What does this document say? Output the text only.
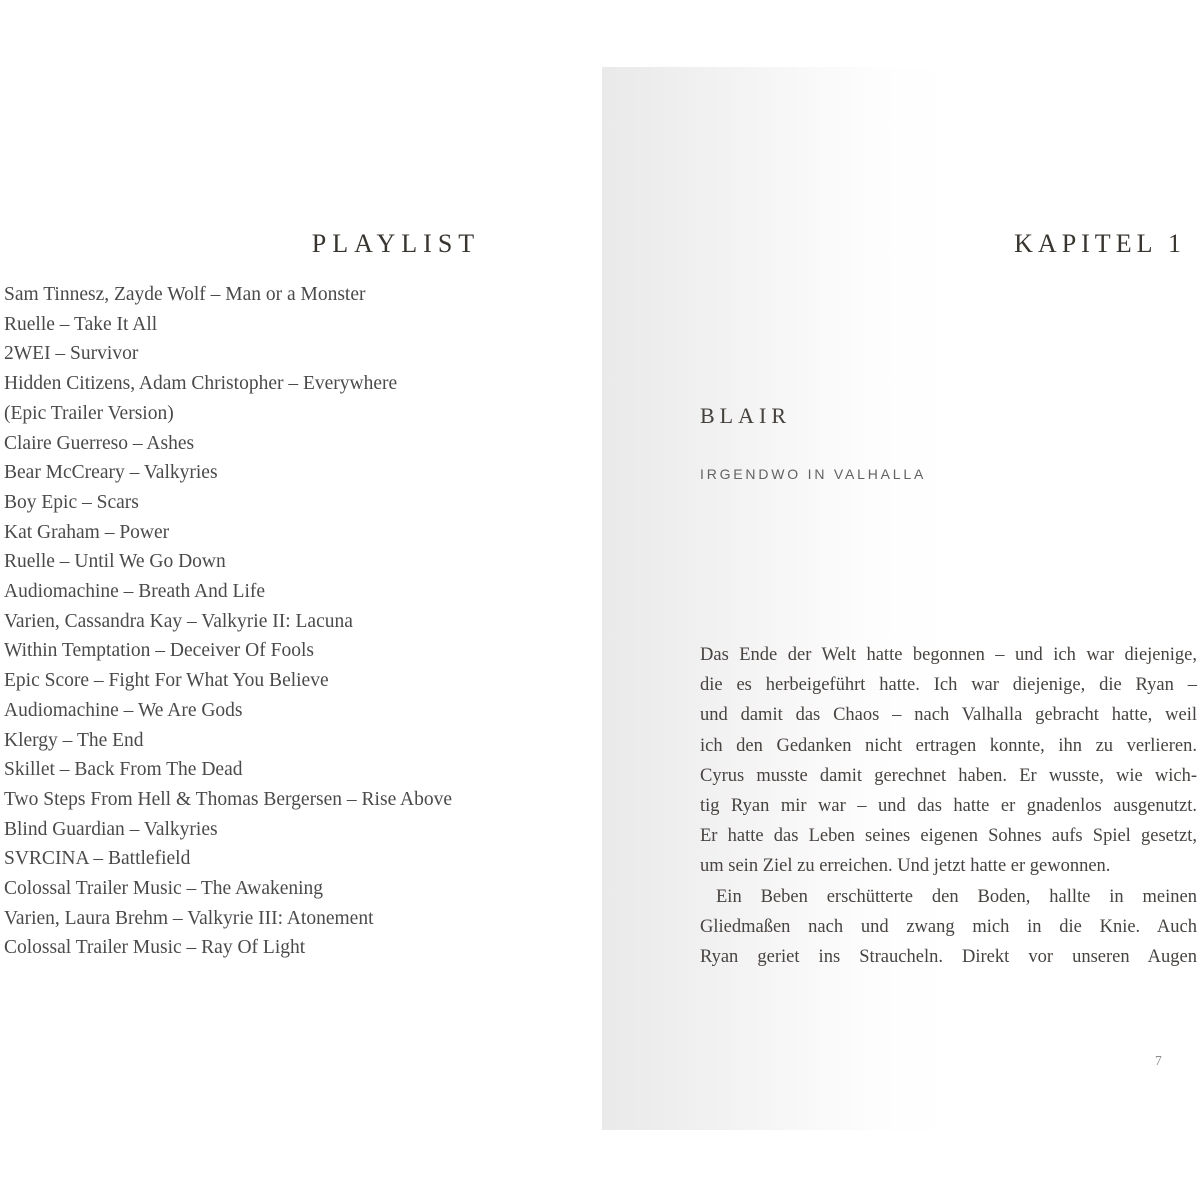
PLAYLIST
Sam Tinnesz, Zayde Wolf – Man or a Monster
Ruelle – Take It All
2WEI – Survivor
Hidden Citizens, Adam Christopher – Everywhere
(Epic Trailer Version)
Claire Guerreso – Ashes
Bear McCreary – Valkyries
Boy Epic – Scars
Kat Graham – Power
Ruelle – Until We Go Down
Audiomachine – Breath And Life
Varien, Cassandra Kay – Valkyrie II: Lacuna
Within Temptation – Deceiver Of Fools
Epic Score – Fight For What You Believe
Audiomachine – We Are Gods
Klergy – The End
Skillet – Back From The Dead
Two Steps From Hell & Thomas Bergersen – Rise Above
Blind Guardian – Valkyries
SVRCINA – Battlefield
Colossal Trailer Music – The Awakening
Varien, Laura Brehm – Valkyrie III: Atonement
Colossal Trailer Music – Ray Of Light
KAPITEL 1
BLAIR
IRGENDWO IN VALHALLA
Das Ende der Welt hatte begonnen – und ich war diejenige,
die es herbeigeführt hatte. Ich war diejenige, die Ryan –
und damit das Chaos – nach Valhalla gebracht hatte, weil
ich den Gedanken nicht ertragen konnte, ihn zu verlieren.
Cyrus musste damit gerechnet haben. Er wusste, wie wich-
tig Ryan mir war – und das hatte er gnadenlos ausgenutzt.
Er hatte das Leben seines eigenen Sohnes aufs Spiel gesetzt,
um sein Ziel zu erreichen. Und jetzt hatte er gewonnen.
Ein Beben erschütterte den Boden, hallte in meinen
Gliedmaßen nach und zwang mich in die Knie. Auch
Ryan geriet ins Straucheln. Direkt vor unseren Augen
7
